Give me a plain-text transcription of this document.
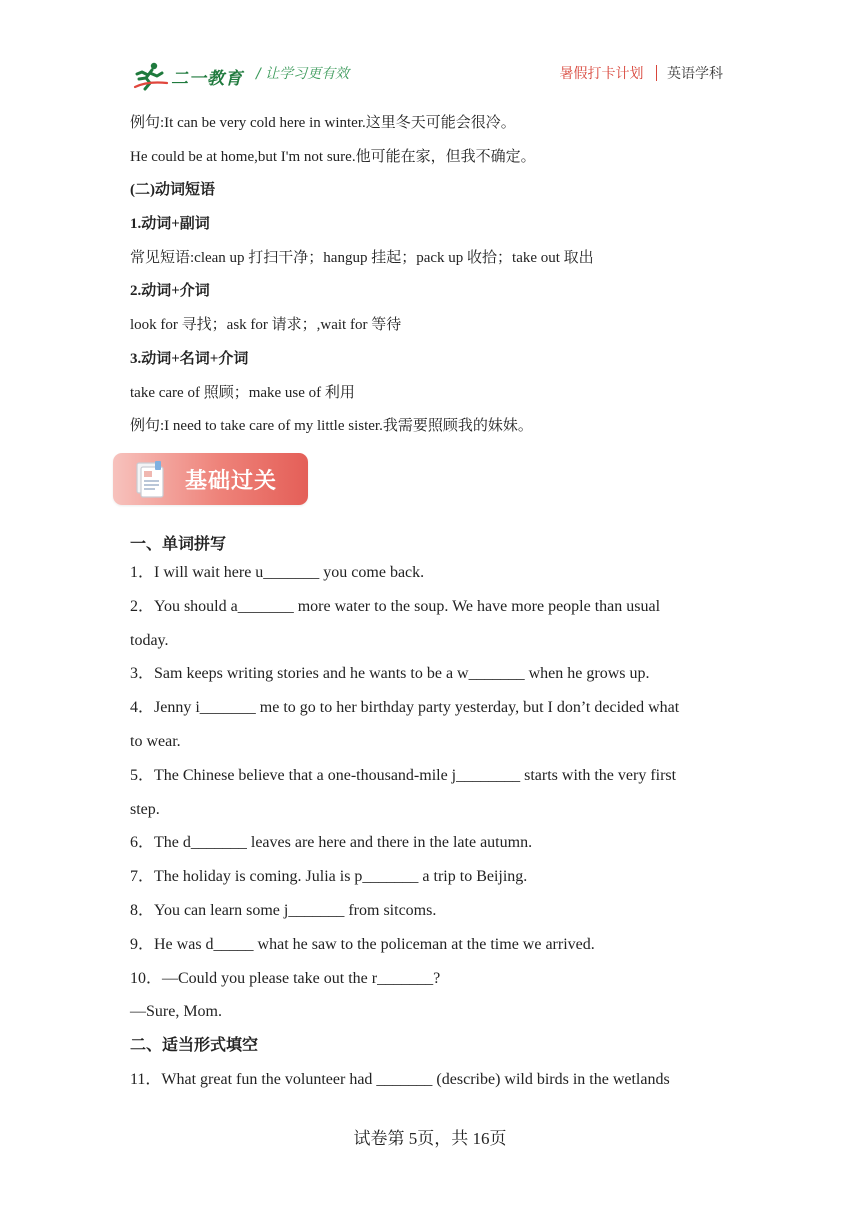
二一教育 / 让学习更有效	暑假打卡计划 英语学科

例句:It can be very cold here in winter.这里冬天可能会很冷。

He could be at home,but I'm not sure.他可能在家，但我不确定。

(二)动词短语

1.动词+副词

常见短语:clean up 打扫干净；hangup 挂起；pack up 收拾；take out 取出

2.动词+介词

look for 寻找；ask for 请求；,wait for 等待

3.动词+名词+介词

take care of 照顾；make use of 利用

例句:I need to take care of my little sister.我需要照顾我的妹妹。

基础过关

一、单词拼写

1．I will wait here u_______ you come back.

2．You should a_______ more water to the soup. We have more people than usual

today.

3．Sam keeps writing stories and he wants to be a w_______ when he grows up.

4．Jenny i_______ me to go to her birthday party yesterday, but I don’t decided what

to wear.

5．The Chinese believe that a one-thousand-mile j________ starts with the very first

step.

6．The d_______ leaves are here and there in the late autumn.

7．The holiday is coming. Julia is p_______ a trip to Beijing.

8．You can learn some j_______ from sitcoms.

9．He was d_____ what he saw to the policeman at the time we arrived.

10．—Could you please take out the r_______?

—Sure, Mom.

二、适当形式填空

11．What great fun the volunteer had _______ (describe) wild birds in the wetlands

试卷第 5页，共 16页
